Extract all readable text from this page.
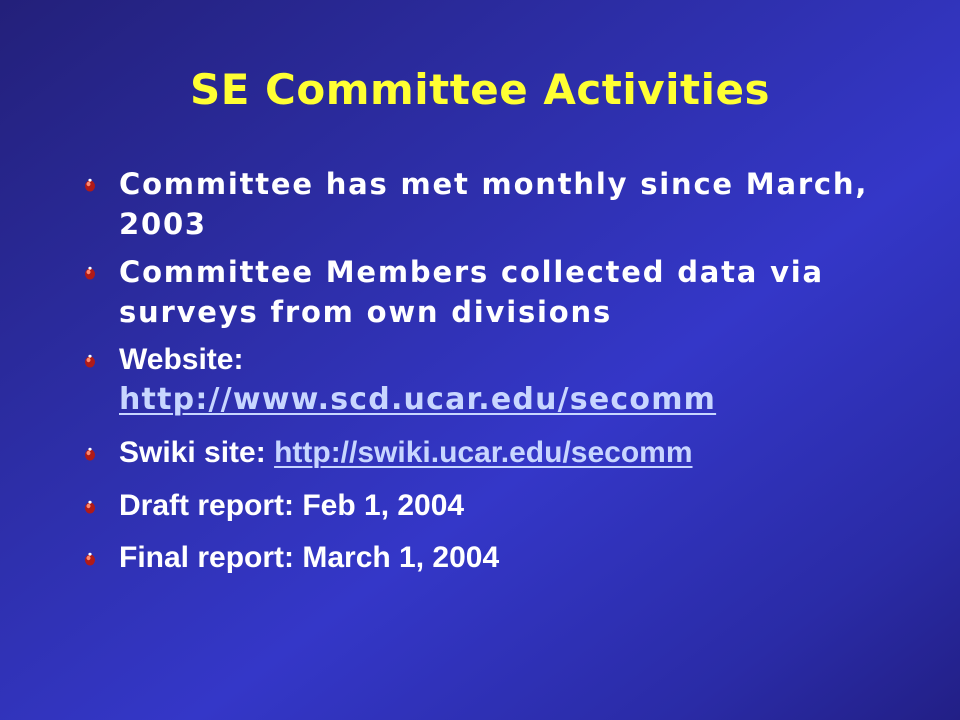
SE Committee Activities
Committee has met monthly since March, 2003
Committee Members collected data via surveys from own divisions
Website:
http://www.scd.ucar.edu/secomm
Swiki site: http://swiki.ucar.edu/secomm
Draft report: Feb 1, 2004
Final report: March 1, 2004
